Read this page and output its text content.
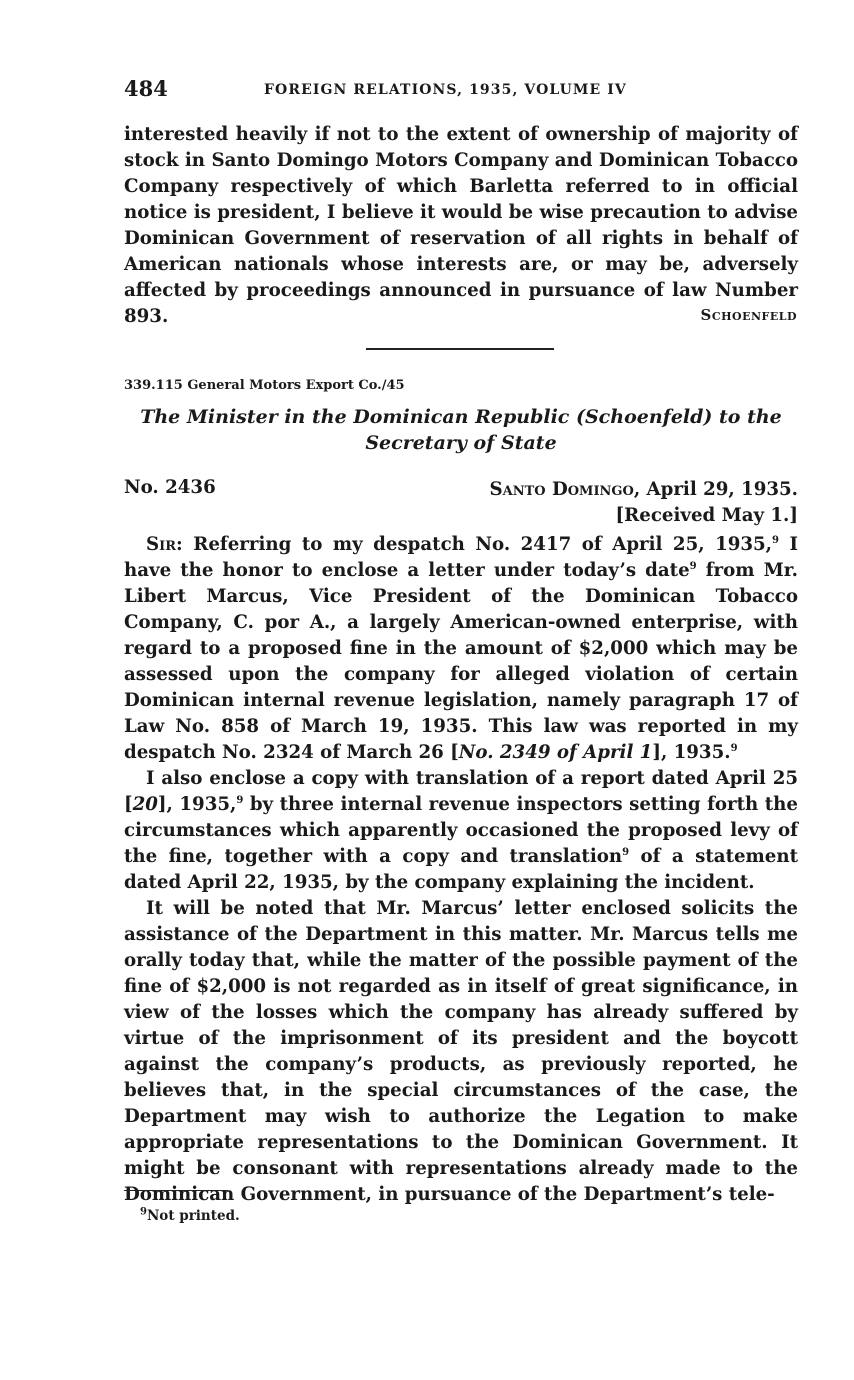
484	FOREIGN RELATIONS, 1935, VOLUME IV

interested heavily if not to the extent of ownership of majority of stock in Santo Domingo Motors Company and Dominican Tobacco Company respectively of which Barletta referred to in official notice is president, I believe it would be wise precaution to advise Dominican Government of reservation of all rights in behalf of American nationals whose interests are, or may be, adversely affected by proceedings announced in pursuance of law Number 893.	Schoenfeld
339.115 General Motors Export Co./45
The Minister in the Dominican Republic (Schoenfeld) to the
Secretary of State
No. 2436	Santo Domingo, April 29, 1935.
[Received May 1.]

Sir: Referring to my despatch No. 2417 of April 25, 1935,$^9$ I have the honor to enclose a letter under today’s date$^9$ from Mr. Libert Marcus, Vice President of the Dominican Tobacco Company, C. por A., a largely American-owned enterprise, with regard to a proposed fine in the amount of $2,000 which may be assessed upon the company for alleged violation of certain Dominican internal revenue legislation, namely paragraph 17 of Law No. 858 of March 19, 1935. This law was reported in my despatch No. 2324 of March 26 [No. 2349 of April 1], 1935.$^9$

I also enclose a copy with translation of a report dated April 25 [20], 1935,$^9$ by three internal revenue inspectors setting forth the circumstances which apparently occasioned the proposed levy of the fine, together with a copy and translation$^9$ of a statement dated April 22, 1935, by the company explaining the incident.

It will be noted that Mr. Marcus’ letter enclosed solicits the assistance of the Department in this matter. Mr. Marcus tells me orally today that, while the matter of the possible payment of the fine of $2,000 is not regarded as in itself of great significance, in view of the losses which the company has already suffered by virtue of the imprisonment of its president and the boycott against the company’s products, as previously reported, he believes that, in the special circumstances of the case, the Department may wish to authorize the Legation to make appropriate representations to the Dominican Government. It might be consonant with representations already made to the Dominican Government, in pursuance of the Department’s tele-

$^9$Not printed.
